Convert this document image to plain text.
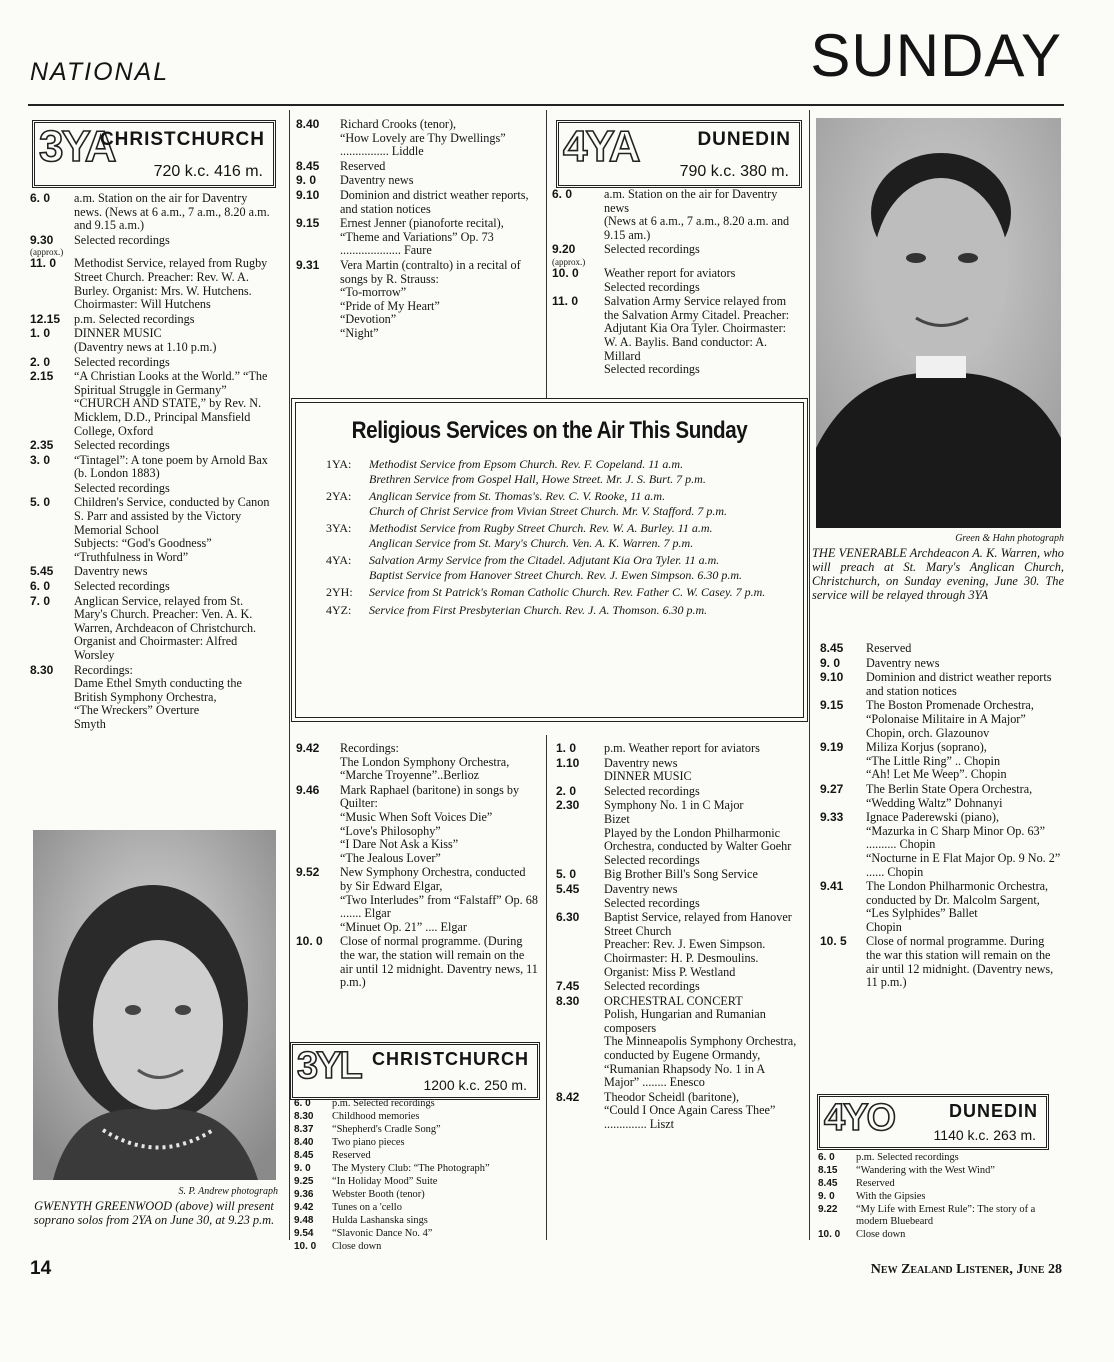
NATIONAL	SUNDAY
3YA
CHRISTCHURCH
720 k.c. 416 m.
6. 0	a.m. Station on the air for Daventry news. (News at 6 a.m., 7 a.m., 8.20 a.m. and 9.15 a.m.)
9.30	Selected recordings
(approx.)
11. 0	Methodist Service, relayed from Rugby Street Church. Preacher: Rev. W. A. Burley. Organist: Mrs. W. Hutchens. Choirmaster: Will Hutchens
12.15	p.m. Selected recordings
1. 0	DINNER MUSIC
(Daventry news at 1.10 p.m.)
2. 0	Selected recordings
2.15	“A Christian Looks at the World.” “The Spiritual Struggle in Germany” “CHURCH AND STATE,” by Rev. N. Micklem, D.D., Principal Mansfield College, Oxford
2.35	Selected recordings
3. 0	“Tintagel”: A tone poem by Arnold Bax (b. London 1883)
Selected recordings
5. 0	Children's Service, conducted by Canon S. Parr and assisted by the Victory Memorial School
Subjects: “God's Goodness” “Truthfulness in Word”
5.45	Daventry news
6. 0	Selected recordings
7. 0	Anglican Service, relayed from St. Mary's Church. Preacher: Ven. A. K. Warren, Archdeacon of Christchurch. Organist and Choirmaster: Alfred Worsley
8.30	Recordings:
Dame Ethel Smyth conducting the British Symphony Orchestra,
“The Wreckers” Overture
Smyth
8.40	Richard Crooks (tenor),
“How Lovely are Thy Dwellings” ................ Liddle
8.45	Reserved
9. 0	Daventry news
9.10	Dominion and district weather reports, and station notices
9.15	Ernest Jenner (pianoforte recital),
“Theme and Variations” Op. 73 .................... Faure
9.31	Vera Martin (contralto) in a recital of songs by R. Strauss:
“To-morrow”
“Pride of My Heart”
“Devotion”
“Night”
9.42	Recordings:
The London Symphony Orchestra,
“Marche Troyenne”..Berlioz
9.46	Mark Raphael (baritone) in songs by Quilter:
“Music When Soft Voices Die”
“Love's Philosophy”
“I Dare Not Ask a Kiss”
“The Jealous Lover”
9.52	New Symphony Orchestra, conducted by Sir Edward Elgar,
“Two Interludes” from “Falstaff” Op. 68 ....... Elgar
“Minuet Op. 21” .... Elgar
10. 0	Close of normal programme. (During the war, the station will remain on the air until 12 midnight. Daventry news, 11 p.m.)
S. P. Andrew photograph
GWENYTH GREENWOOD (above) will present soprano solos from 2YA on June 30, at 9.23 p.m.
4YA	DUNEDIN
790 k.c. 380 m.
6. 0	a.m. Station on the air for Daventry news
(News at 6 a.m., 7 a.m., 8.20 a.m. and 9.15 am.)
9.20	Selected recordings
(approx.)
10. 0	Weather report for aviators
Selected recordings
11. 0	Salvation Army Service relayed from the Salvation Army Citadel. Preacher: Adjutant Kia Ora Tyler. Choirmaster: W. A. Baylis. Band conductor: A. Millard
Selected recordings
Green & Hahn photograph
THE VENERABLE Archdeacon A. K. Warren, who will preach at St. Mary's Anglican Church, Christchurch, on Sunday evening, June 30. The service will be relayed through 3YA
8.45	Reserved
9. 0	Daventry news
9.10	Dominion and district weather reports and station notices
9.15	The Boston Promenade Orchestra,
“Polonaise Militaire in A Major”
Chopin, orch. Glazounov
9.19	Miliza Korjus (soprano),
“The Little Ring” .. Chopin
“Ah! Let Me Weep”. Chopin
9.27	The Berlin State Opera Orchestra,
“Wedding Waltz” Dohnanyi
9.33	Ignace Paderewski (piano),
“Mazurka in C Sharp Minor Op. 63” .......... Chopin
“Nocturne in E Flat Major Op. 9 No. 2” ...... Chopin
9.41	The London Philharmonic Orchestra, conducted by Dr. Malcolm Sargent,
“Les Sylphides” Ballet
Chopin
10. 5	Close of normal programme. During the war this station will remain on the air until 12 midnight. (Daventry news, 11 p.m.)
Religious Services on the Air This Sunday
1YA:	Methodist Service from Epsom Church. Rev. F. Copeland. 11 a.m.
Brethren Service from Gospel Hall, Howe Street. Mr. J. S. Burt. 7 p.m.
2YA:	Anglican Service from St. Thomas's. Rev. C. V. Rooke, 11 a.m.
Church of Christ Service from Vivian Street Church. Mr. V. Stafford. 7 p.m.
3YA:	Methodist Service from Rugby Street Church. Rev. W. A. Burley. 11 a.m.
Anglican Service from St. Mary's Church. Ven. A. K. Warren. 7 p.m.
4YA:	Salvation Army Service from the Citadel. Adjutant Kia Ora Tyler. 11 a.m.
Baptist Service from Hanover Street Church. Rev. J. Ewen Simpson. 6.30 p.m.
2YH:	Service from St Patrick's Roman Catholic Church. Rev. Father C. W. Casey. 7 p.m.
4YZ:	Service from First Presbyterian Church. Rev. J. A. Thomson. 6.30 p.m.
1. 0	p.m. Weather report for aviators
1.10	Daventry news
DINNER MUSIC
2. 0	Selected recordings
2.30	Symphony No. 1 in C Major
Bizet
Played by the London Philharmonic Orchestra, conducted by Walter Goehr
Selected recordings
5. 0	Big Brother Bill's Song Service
5.45	Daventry news
Selected recordings
6.30	Baptist Service, relayed from Hanover Street Church
Preacher: Rev. J. Ewen Simpson. Choirmaster: H. P. Desmoulins. Organist: Miss P. Westland
7.45	Selected recordings
8.30	ORCHESTRAL CONCERT
Polish, Hungarian and Rumanian composers
The Minneapolis Symphony Orchestra, conducted by Eugene Ormandy,
“Rumanian Rhapsody No. 1 in A Major” ........ Enesco
8.42	Theodor Scheidl (baritone),
“Could I Once Again Caress Thee” .............. Liszt
3YL CHRISTCHURCH
1200 k.c. 250 m.
6. 0	p.m. Selected recordings
8.30	Childhood memories
8.37	“Shepherd's Cradle Song”
8.40	Two piano pieces
8.45	Reserved
9. 0	The Mystery Club: “The Photograph”
9.25	“In Holiday Mood” Suite
9.36	Webster Booth (tenor)
9.42	Tunes on a 'cello
9.48	Hulda Lashanska sings
9.54	“Slavonic Dance No. 4”
10. 0	Close down
4YO	DUNEDIN
1140 k.c. 263 m.
6. 0	p.m. Selected recordings
8.15	“Wandering with the West Wind”
8.45	Reserved
9. 0	With the Gipsies
9.22	“My Life with Ernest Rule”: The story of a modern Bluebeard
10. 0	Close down
14	New Zealand Listener, June 28
